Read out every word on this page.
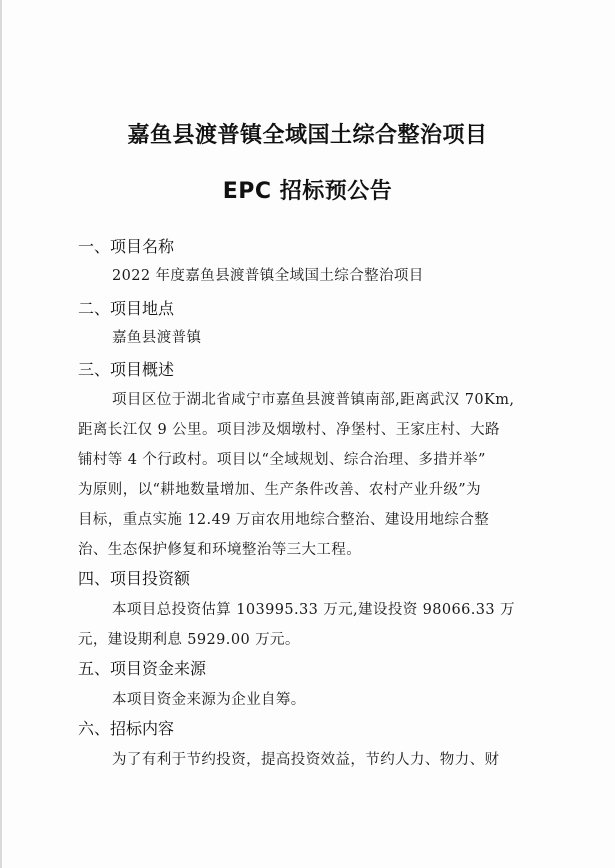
嘉鱼县渡普镇全域国土综合整治项目
EPC 招标预公告
一、项目名称
2022 年度嘉鱼县渡普镇全域国土综合整治项目
二、项目地点
嘉鱼县渡普镇
三、项目概述
项目区位于湖北省咸宁市嘉鱼县渡普镇南部,距离武汉 70Km,
距离长江仅 9 公里。项目涉及烟墩村、净堡村、王家庄村、大路
铺村等 4 个行政村。项目以“全域规划、综合治理、多措并举”
为原则，以“耕地数量增加、生产条件改善、农村产业升级”为
目标，重点实施 12.49 万亩农用地综合整治、建设用地综合整
治、生态保护修复和环境整治等三大工程。
四、项目投资额
本项目总投资估算 103995.33 万元,建设投资 98066.33 万
元，建设期利息 5929.00 万元。
五、项目资金来源
本项目资金来源为企业自筹。
六、招标内容
为了有利于节约投资，提高投资效益，节约人力、物力、财
